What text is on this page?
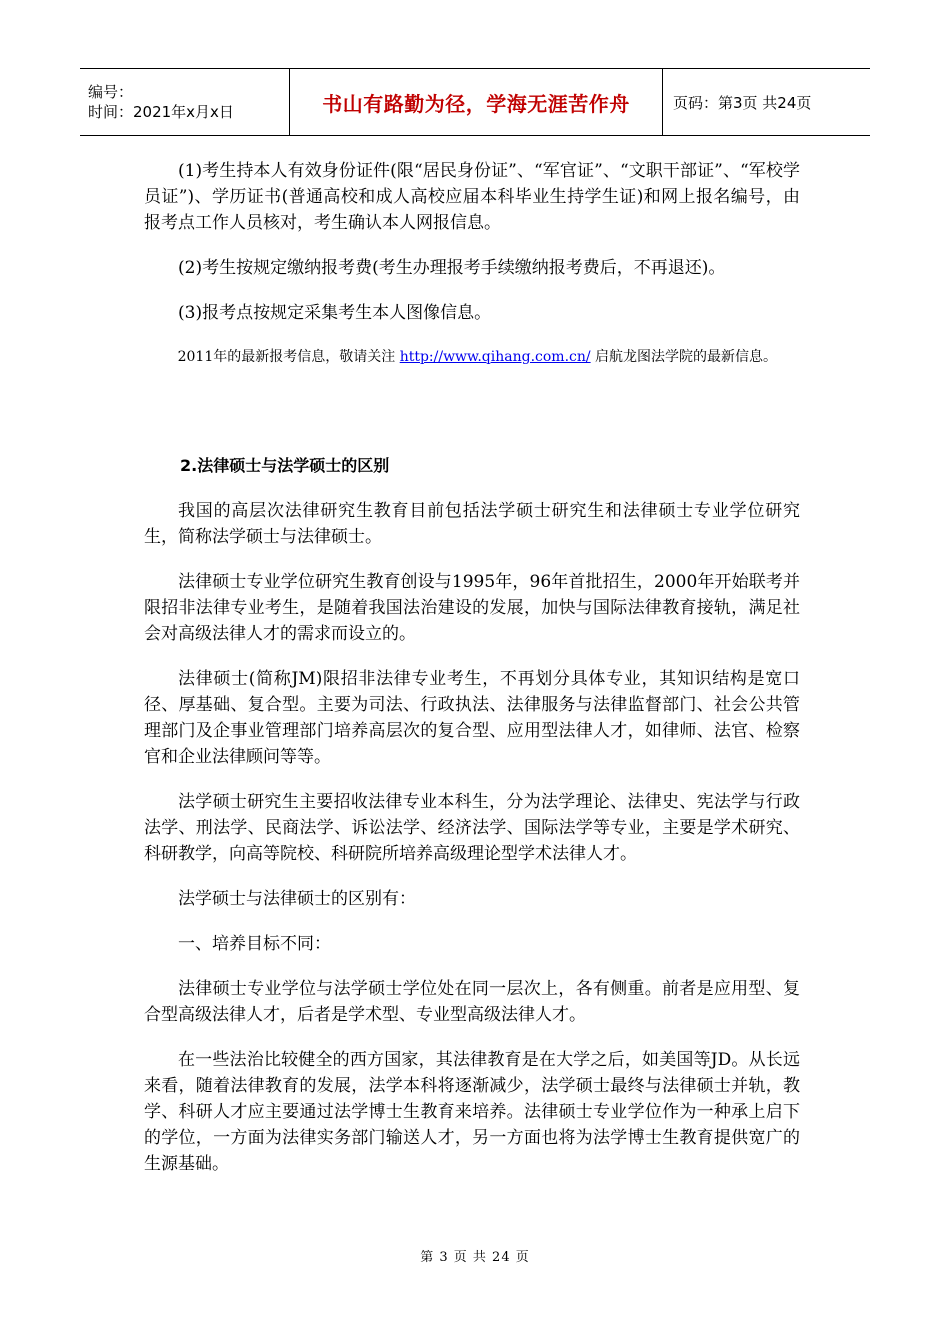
编号：
时间：2021年x月x日	书山有路勤为径，学海无涯苦作舟	页码：第3页 共24页

(1)考生持本人有效身份证件(限“居民身份证”、“军官证”、“文职干部证”、“军校学员证”)、学历证书(普通高校和成人高校应届本科毕业生持学生证)和网上报名编号，由报考点工作人员核对，考生确认本人网报信息。

(2)考生按规定缴纳报考费(考生办理报考手续缴纳报考费后，不再退还)。

(3)报考点按规定采集考生本人图像信息。

2011年的最新报考信息，敬请关注 http://www.qihang.com.cn/ 启航龙图法学院的最新信息。

2.法律硕士与法学硕士的区别

我国的高层次法律研究生教育目前包括法学硕士研究生和法律硕士专业学位研究生，简称法学硕士与法律硕士。

法律硕士专业学位研究生教育创设与1995年，96年首批招生，2000年开始联考并限招非法律专业考生，是随着我国法治建设的发展，加快与国际法律教育接轨，满足社会对高级法律人才的需求而设立的。

法律硕士(简称JM)限招非法律专业考生，不再划分具体专业，其知识结构是宽口径、厚基础、复合型。主要为司法、行政执法、法律服务与法律监督部门、社会公共管理部门及企事业管理部门培养高层次的复合型、应用型法律人才，如律师、法官、检察官和企业法律顾问等等。

法学硕士研究生主要招收法律专业本科生，分为法学理论、法律史、宪法学与行政法学、刑法学、民商法学、诉讼法学、经济法学、国际法学等专业，主要是学术研究、科研教学，向高等院校、科研院所培养高级理论型学术法律人才。

法学硕士与法律硕士的区别有：

一、培养目标不同：

法律硕士专业学位与法学硕士学位处在同一层次上，各有侧重。前者是应用型、复合型高级法律人才，后者是学术型、专业型高级法律人才。

在一些法治比较健全的西方国家，其法律教育是在大学之后，如美国等JD。从长远来看，随着法律教育的发展，法学本科将逐渐减少，法学硕士最终与法律硕士并轨，教学、科研人才应主要通过法学博士生教育来培养。法律硕士专业学位作为一种承上启下的学位，一方面为法律实务部门输送人才，另一方面也将为法学博士生教育提供宽广的生源基础。

第 3 页 共 24 页
